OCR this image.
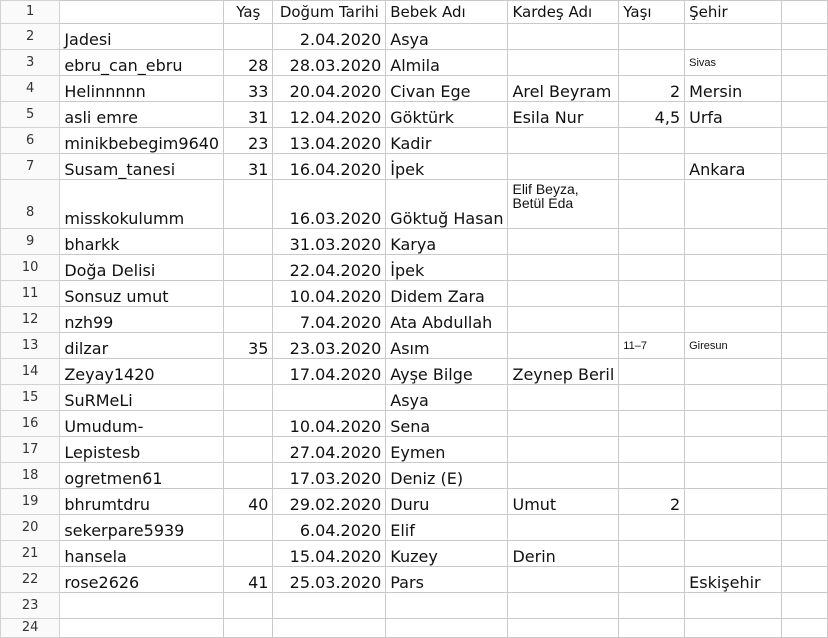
1		Yaş	Doğum Tarihi	Bebek Adı	Kardeş Adı	Yaşı	Şehir	
2	Jadesi		2.04.2020	Asya				
3	ebru_can_ebru	28	28.03.2020	Almila			Sivas	
4	Helinnnnn	33	20.04.2020	Civan Ege	Arel Beyram	2	Mersin	
5	asli emre	31	12.04.2020	Göktürk	Esila Nur	4,5	Urfa	
6	minikbebegim9640	23	13.04.2020	Kadir				
7	Susam_tanesi	31	16.04.2020	İpek			Ankara	
8	misskokulumm		16.03.2020	Göktuğ Hasan	Elif Beyza, Betül Eda			
9	bharkk		31.03.2020	Karya				
10	Doğa Delisi		22.04.2020	İpek				
11	Sonsuz umut		10.04.2020	Didem Zara				
12	nzh99		7.04.2020	Ata Abdullah				
13	dilzar	35	23.03.2020	Asım		11–7	Giresun	
14	Zeyay1420		17.04.2020	Ayşe Bilge	Zeynep Beril			
15	SuRMeLi			Asya				
16	Umudum-		10.04.2020	Sena				
17	Lepistesb		27.04.2020	Eymen				
18	ogretmen61		17.03.2020	Deniz (E)				
19	bhrumtdru	40	29.02.2020	Duru	Umut	2		
20	sekerpare5939		6.04.2020	Elif				
21	hansela		15.04.2020	Kuzey	Derin			
22	rose2626	41	25.03.2020	Pars			Eskişehir	
23								
24								
